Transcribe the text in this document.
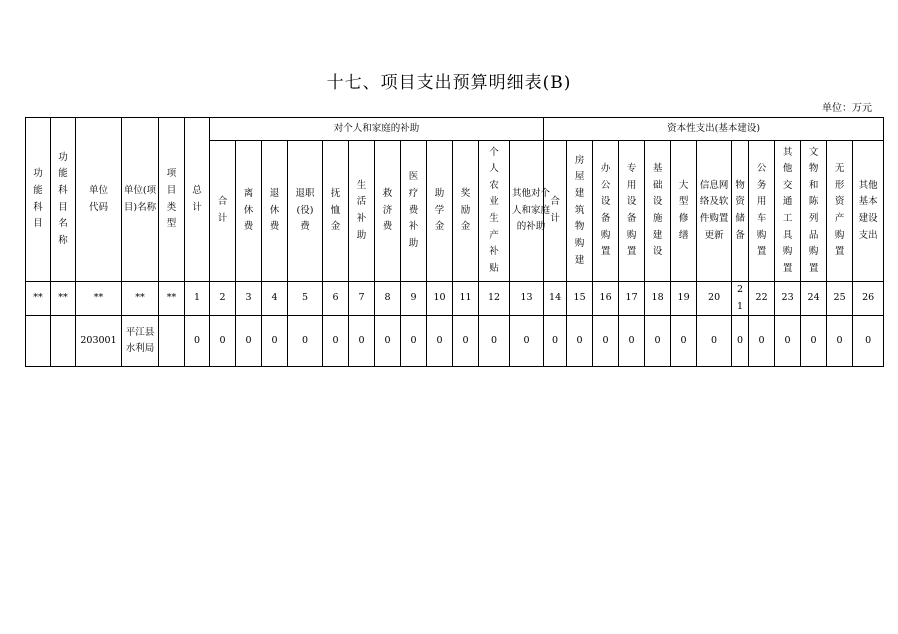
十七、项目支出预算明细表(B)
单位：万元
功能科目	功能科目名称	单位代码	单位(项目)名称	项目类型	总计	对个人和家庭的补助												资本性支出(基本建设)												
						合计	离休费	退休费	退职(役)费	抚恤金	生活补助	救济费	医疗费补助	助学金	奖励金	个人农业生产补贴	其他对个人和家庭的补助	合计	房屋建筑物购建	办公设备购置	专用设备购置	基础设施建设	大型修缮	信息网络及软件购置更新	物资储备	公务用车购置	其他交通工具购置	文物和陈列品购置	无形资产购置	其他基本建设支出
**	**	**	**	**	1	2	3	4	5	6	7	8	9	10	11	12	13	14	15	16	17	18	19	20	21	22	23	24	25	26
		203001	平江县水利局		0	0	0	0	0	0	0	0	0	0	0	0	0	0	0	0	0	0	0	0	0	0	0	0	0	0
